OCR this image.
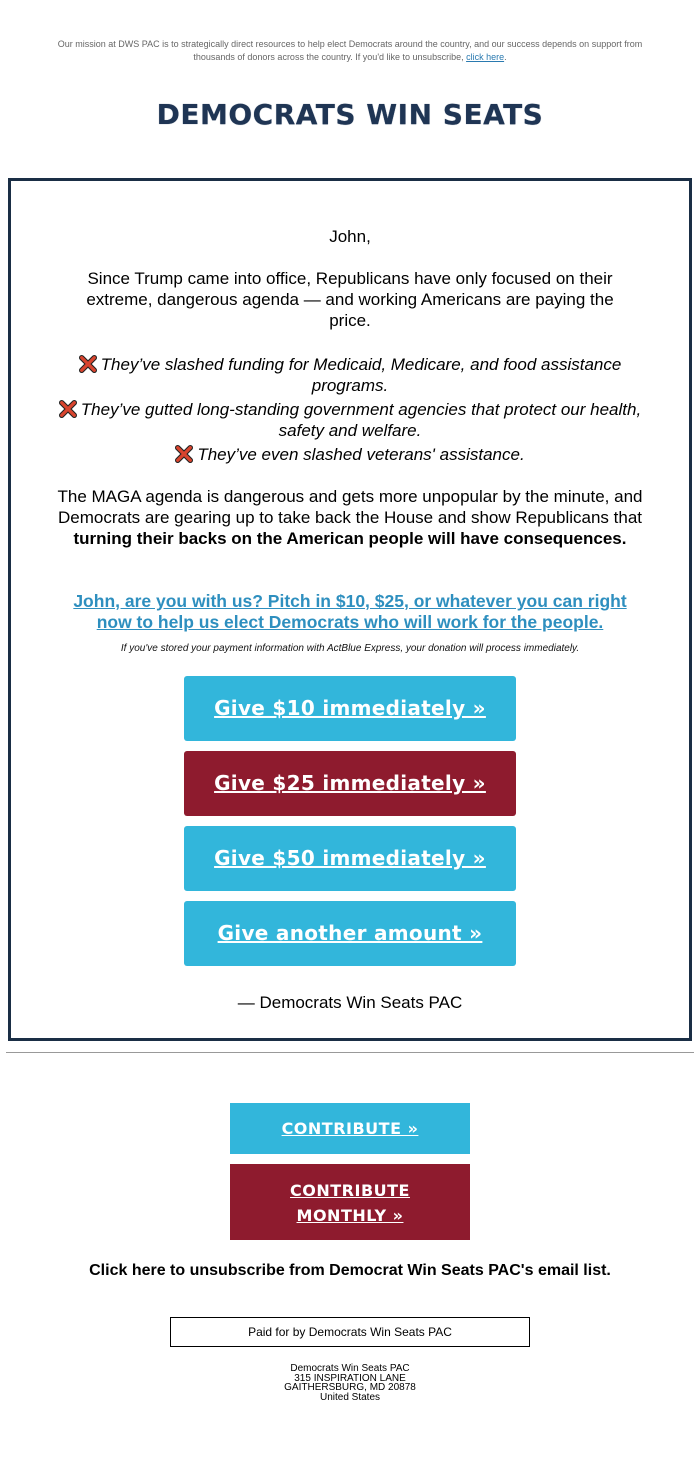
Our mission at DWS PAC is to strategically direct resources to help elect Democrats around the country, and our success depends on support from thousands of donors across the country. If you'd like to unsubscribe, click here.
DEMOCRATS WIN SEATS
John,
Since Trump came into office, Republicans have only focused on their extreme, dangerous agenda — and working Americans are paying the price.
They’ve slashed funding for Medicaid, Medicare, and food assistance programs.
They’ve gutted long-standing government agencies that protect our health, safety and welfare.
They’ve even slashed veterans' assistance.
The MAGA agenda is dangerous and gets more unpopular by the minute, and Democrats are gearing up to take back the House and show Republicans that turning their backs on the American people will have consequences.
John, are you with us? Pitch in $10, $25, or whatever you can right now to help us elect Democrats who will work for the people.
If you've stored your payment information with ActBlue Express, your donation will process immediately.
Give $10 immediately »
Give $25 immediately »
Give $50 immediately »
Give another amount »
— Democrats Win Seats PAC
CONTRIBUTE »
CONTRIBUTE
MONTHLY »
Click here to unsubscribe from Democrat Win Seats PAC's email list.
Paid for by Democrats Win Seats PAC
Democrats Win Seats PAC
315 INSPIRATION LANE
GAITHERSBURG, MD 20878
United States
